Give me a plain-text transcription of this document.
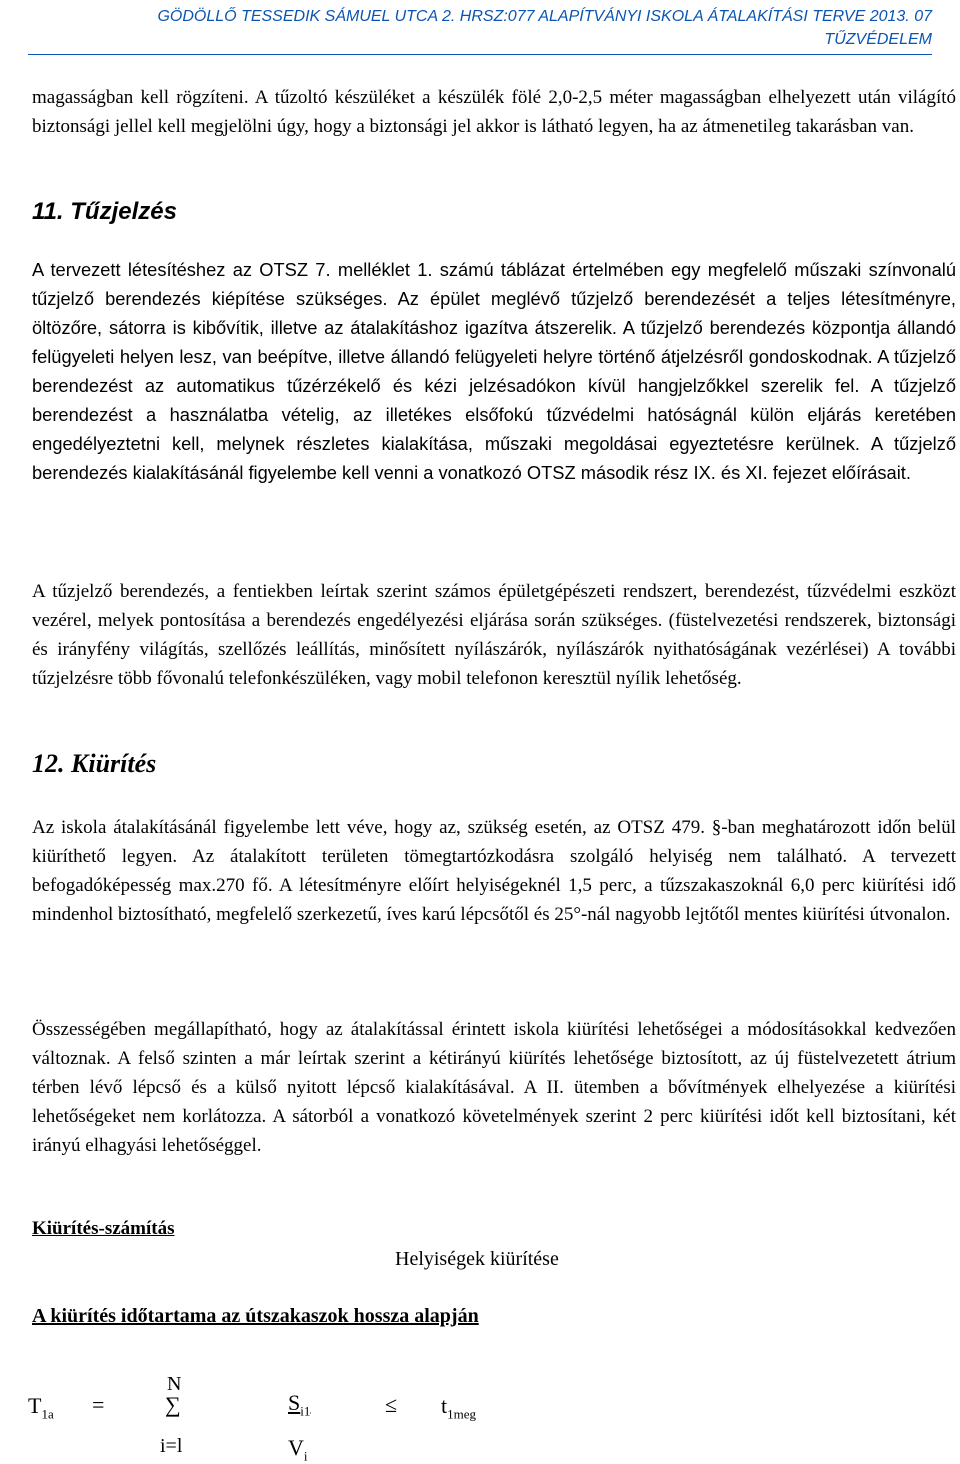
GÖDÖLLŐ TESSEDIK SÁMUEL UTCA 2. HRSZ:077 ALAPÍTVÁNYI ISKOLA ÁTALAKÍTÁSI TERVE 2013. 07
TŰZVÉDELEM

magasságban kell rögzíteni. A tűzoltó készüléket a készülék fölé 2,0-2,5 méter magasságban elhelyezett után világító biztonsági jellel kell megjelölni úgy, hogy a biztonsági jel akkor is látható legyen, ha az átmenetileg takarásban van.

11. Tűzjelzés

A tervezett létesítéshez az OTSZ 7. melléklet 1. számú táblázat értelmében egy megfelelő műszaki színvonalú tűzjelző berendezés kiépítése szükséges. Az épület meglévő tűzjelző berendezését a teljes létesítményre, öltözőre, sátorra is kibővítik, illetve az átalakításhoz igazítva átszerelik. A tűzjelző berendezés központja állandó felügyeleti helyen lesz, van beépítve, illetve állandó felügyeleti helyre történő átjelzésről gondoskodnak. A tűzjelző berendezést az automatikus tűzérzékelő és kézi jelzésadókon kívül hangjelzőkkel szerelik fel. A tűzjelző berendezést a használatba vételig, az illetékes elsőfokú tűzvédelmi hatóságnál külön eljárás keretében engedélyeztetni kell, melynek részletes kialakítása, műszaki megoldásai egyeztetésre kerülnek. A tűzjelző berendezés kialakításánál figyelembe kell venni a vonatkozó OTSZ második rész IX. és XI. fejezet előírásait.

A tűzjelző berendezés, a fentiekben leírtak szerint számos épületgépészeti rendszert, berendezést, tűzvédelmi eszközt vezérel, melyek pontosítása a berendezés engedélyezési eljárása során szükséges. (füstelvezetési rendszerek, biztonsági és irányfény világítás, szellőzés leállítás, minősített nyílászárók, nyílászárók nyithatóságának vezérlései) A további tűzjelzésre több fővonalú telefonkészüléken, vagy mobil telefonon keresztül nyílik lehetőség.

12. Kiürítés

Az iskola átalakításánál figyelembe lett véve, hogy az, szükség esetén, az OTSZ 479. §-ban meghatározott időn belül kiüríthető legyen. Az átalakított területen tömegtartózkodásra szolgáló helyiség nem található. A tervezett befogadóképesség max.270 fő. A létesítményre előírt helyiségeknél 1,5 perc, a tűzszakaszoknál 6,0 perc kiürítési idő mindenhol biztosítható, megfelelő szerkezetű, íves karú lépcsőtől és 25°-nál nagyobb lejtőtől mentes kiürítési útvonalon.

Összességében megállapítható, hogy az átalakítással érintett iskola kiürítési lehetőségei a módosításokkal kedvezően változnak. A felső szinten a már leírtak szerint a kétirányú kiürítés lehetősége biztosított, az új füstelvezetett átrium térben lévő lépcső és a külső nyitott lépcső kialakításával. A II. ütemben a bővítmények elhelyezése a kiürítési lehetőségeket nem korlátozza. A sátorból a vonatkozó követelmények szerint 2 perc kiürítési időt kell biztosítani, két irányú elhagyási lehetőséggel.

Kiürítés-számítás
Helyiségek kiürítése
A kiürítés időtartama az útszakaszok hossza alapján
$T_{1a}$ =
N
∑
i=l
$S_{i1}$
$V_i$
≤ $t_{1meg}$
